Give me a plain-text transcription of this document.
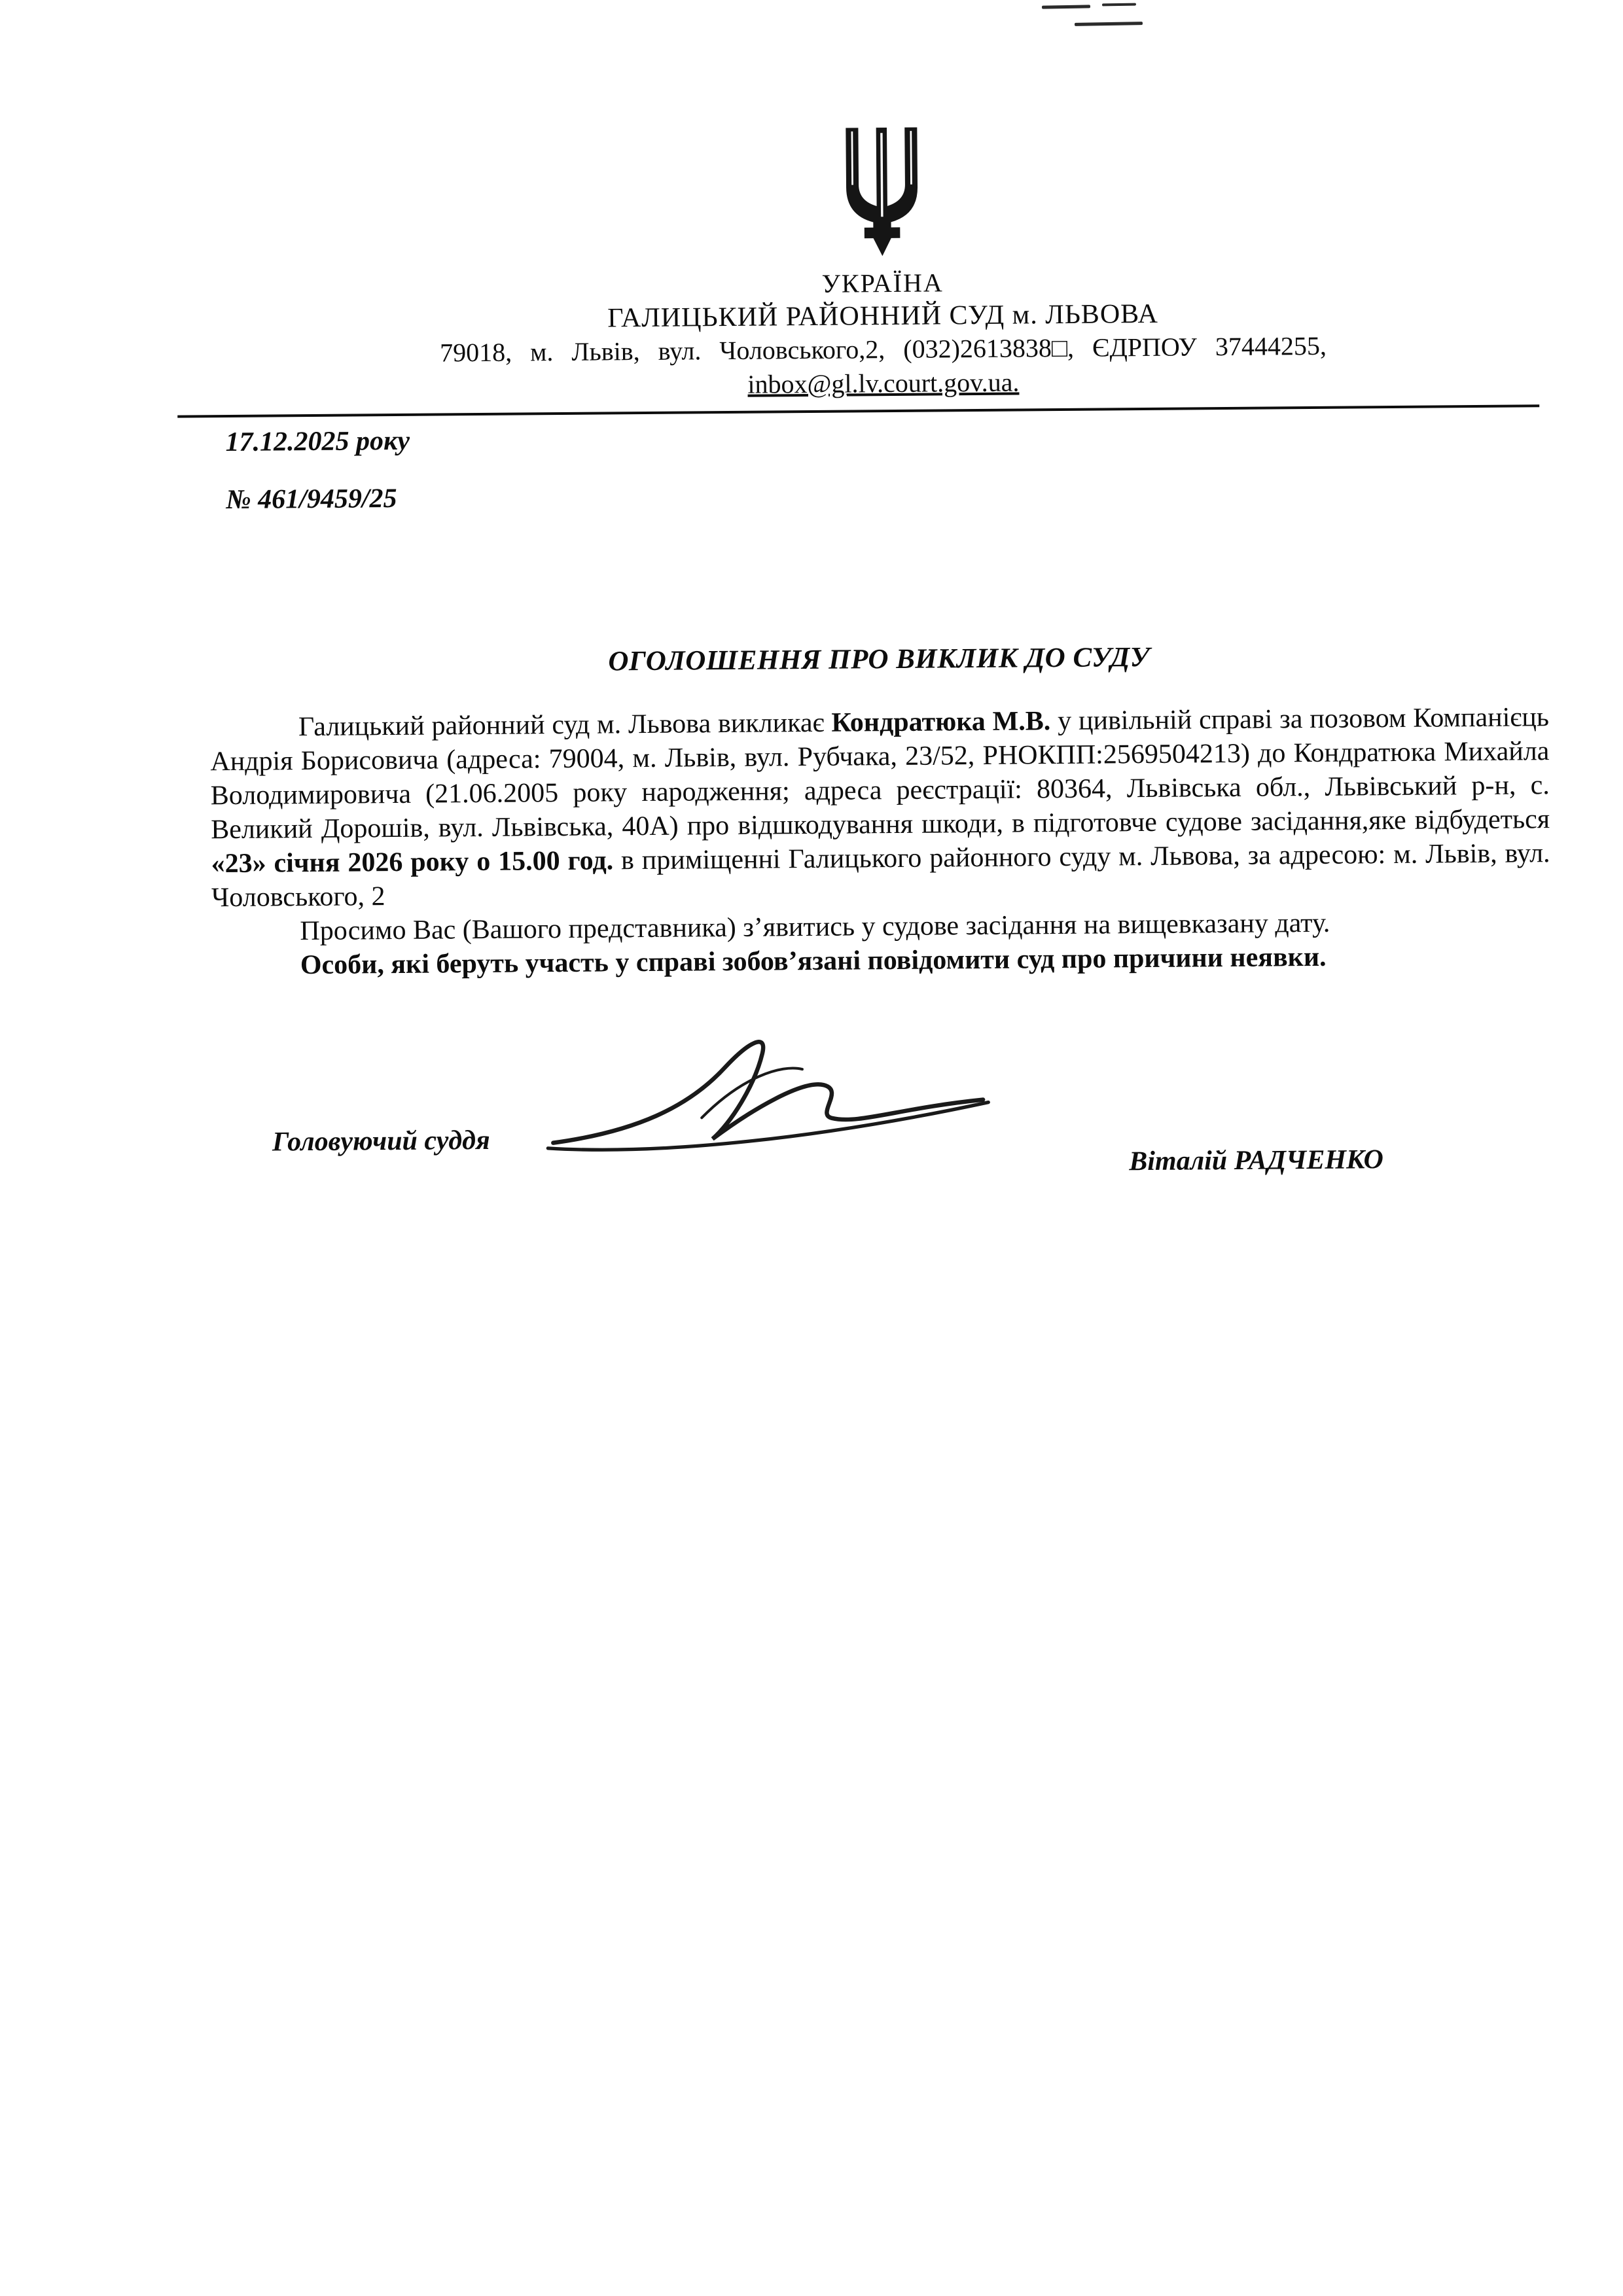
УКРАЇНА
ГАЛИЦЬКИЙ РАЙОННИЙ СУД м. ЛЬВОВА
79018, м. Львів, вул. Чоловського,2, (032)2613838□, ЄДРПОУ 37444255,
inbox@gl.lv.court.gov.ua.
17.12.2025 року
№ 461/9459/25
ОГОЛОШЕННЯ ПРО ВИКЛИК ДО СУДУ

Галицький районний суд м. Львова викликає Кондратюка М.В. у цивільній справі за позовом Компанієць Андрія Борисовича (адреса: 79004, м. Львів, вул. Рубчака, 23/52, РНОКПП:2569504213) до Кондратюка Михайла Володимировича (21.06.2005 року народження; адреса реєстрації: 80364, Львівська обл., Львівський р-н, с. Великий Дорошів, вул. Львівська, 40А) про відшкодування шкоди, в підготовче судове засідання,яке відбудеться «23» січня 2026 року о 15.00 год. в приміщенні Галицького районного суду м. Львова, за адресою: м. Львів, вул. Чоловського, 2

Просимо Вас (Вашого представника) з’явитись у судове засідання на вищевказану дату.

Особи, які беруть участь у справі зобов’язані повідомити суд про причини неявки.

Головуючий суддя
Віталій РАДЧЕНКО
